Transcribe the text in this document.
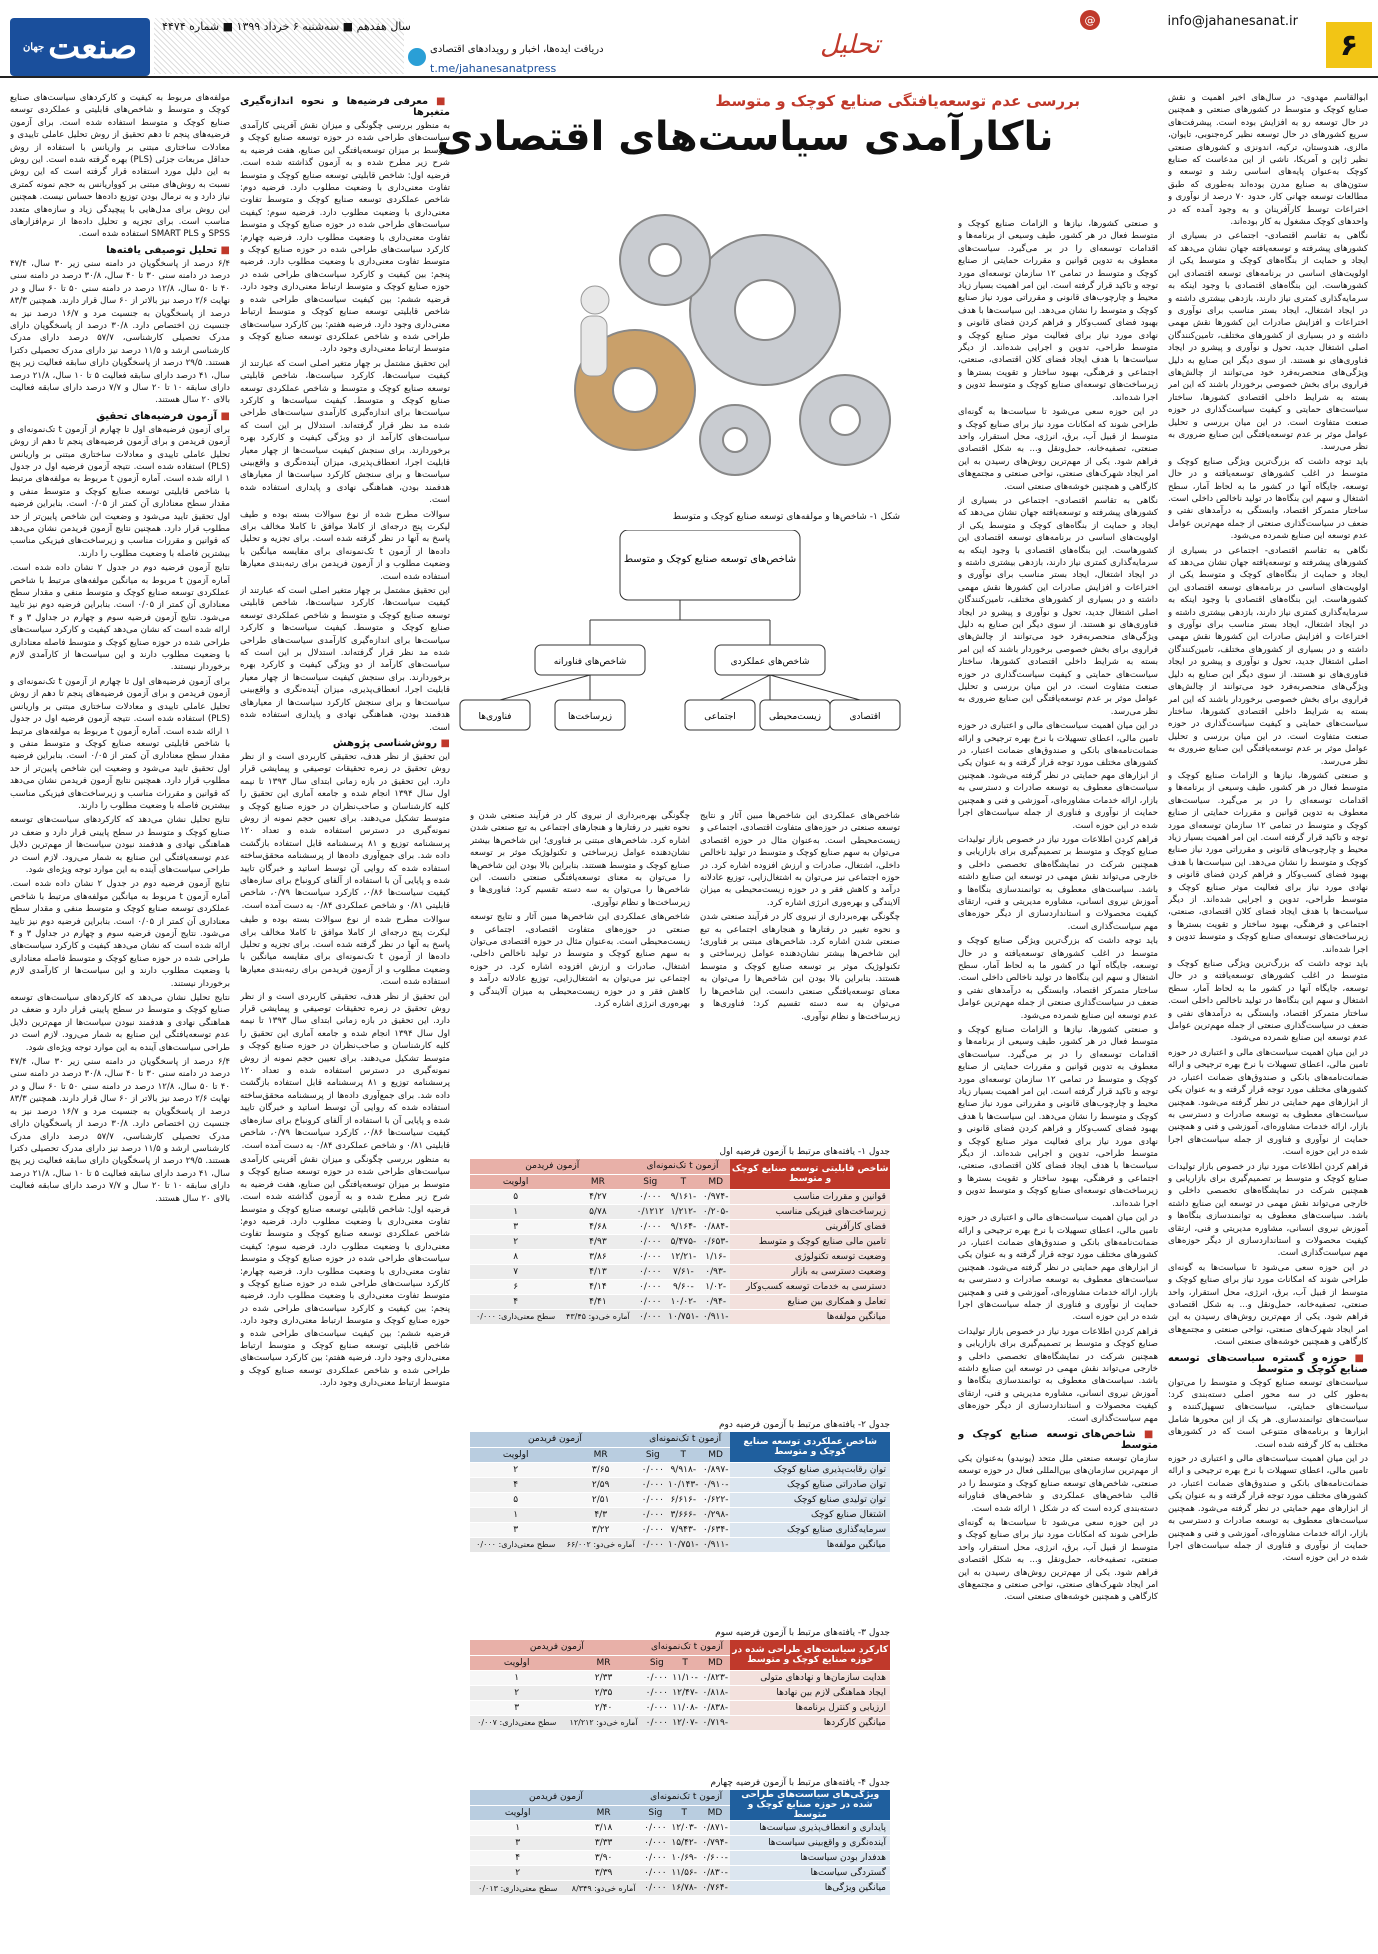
۶
@	info@jahanesanat.ir
تحلیل
دریافت ایده‌ها، اخبار و رویدادهای اقتصادی
t.me/jahanesanatpress
سال هفدهم ■ سه‌شنبه ۶ خرداد ۱۳۹۹ ■ شماره ۴۴۷۴
صنعت
جهان
بررسی عدم توسعه‌یافتگی صنایع کوچک و متوسط
ناکارآمدی سیاست‌های اقتصادی

ابوالقاسم مهدوی- در سال‌های اخیر اهمیت و نقش صنایع کوچک و متوسط در کشورهای صنعتی و همچنین در حال توسعه رو به افزایش بوده است. پیشرفت‌های سریع کشورهای در حال توسعه نظیر کره‌جنوبی، تایوان، مالزی، هندوستان، ترکیه، اندونزی و کشورهای صنعتی نظیر ژاپن و آمریکا، ناشی از این مدعاست که صنایع کوچک به‌عنوان پایه‌های اساسی رشد و توسعه و ستون‌های به صنایع مدرن بوده‌اند به‌طوری که طبق مطالعات توسعه جهانی کار، حدود ۷۰ درصد از نوآوری و اختراعات توسط کارآفرینان و به وجود آمده که در واحدهای کوچک مشغول به کار بوده‌اند.

نگاهی به تقاسم اقتصادی- اجتماعی در بسیاری از کشورهای پیشرفته و توسعه‌یافته جهان نشان می‌دهد که ایجاد و حمایت از بنگاه‌های کوچک و متوسط یکی از اولویت‌های اساسی در برنامه‌های توسعه اقتصادی این کشورهاست. این بنگاه‌های اقتصادی با وجود اینکه به سرمایه‌گذاری کمتری نیاز دارند، بازدهی بیشتری داشته و در ایجاد اشتغال، ایجاد بستر مناسب برای نوآوری و اختراعات و افزایش صادرات این کشورها نقش مهمی داشته و در بسیاری از کشورهای مختلف، تامین‌کنندگان اصلی اشتغال جدید، تحول و نوآوری و پیشرو در ایجاد فناوری‌های نو هستند. از سوی دیگر این صنایع به دلیل ویژگی‌های منحصربه‌فرد خود می‌توانند از چالش‌های فراروی برای بخش خصوصی برخوردار باشند که این امر بسته به شرایط داخلی اقتصادی کشورها، ساختار سیاست‌های حمایتی و کیفیت سیاست‌گذاری در حوزه صنعت متفاوت است. در این میان بررسی و تحلیل عوامل موثر بر عدم توسعه‌یافتگی این صنایع ضروری به نظر می‌رسد.

باید توجه داشت که بزرگ‌ترین ویژگی صنایع کوچک و متوسط در اغلب کشورهای توسعه‌یافته و در حال توسعه، جایگاه آنها در کشور ما به لحاظ آمار، سطح اشتغال و سهم این بنگاه‌ها در تولید ناخالص داخلی است. ساختار متمرکز اقتصاد، وابستگی به درآمدهای نفتی و ضعف در سیاست‌گذاری صنعتی از جمله مهم‌ترین عوامل عدم توسعه این صنایع شمرده می‌شود.

نگاهی به تقاسم اقتصادی- اجتماعی در بسیاری از کشورهای پیشرفته و توسعه‌یافته جهان نشان می‌دهد که ایجاد و حمایت از بنگاه‌های کوچک و متوسط یکی از اولویت‌های اساسی در برنامه‌های توسعه اقتصادی این کشورهاست. این بنگاه‌های اقتصادی با وجود اینکه به سرمایه‌گذاری کمتری نیاز دارند، بازدهی بیشتری داشته و در ایجاد اشتغال، ایجاد بستر مناسب برای نوآوری و اختراعات و افزایش صادرات این کشورها نقش مهمی داشته و در بسیاری از کشورهای مختلف، تامین‌کنندگان اصلی اشتغال جدید، تحول و نوآوری و پیشرو در ایجاد فناوری‌های نو هستند. از سوی دیگر این صنایع به دلیل ویژگی‌های منحصربه‌فرد خود می‌توانند از چالش‌های فراروی برای بخش خصوصی برخوردار باشند که این امر بسته به شرایط داخلی اقتصادی کشورها، ساختار سیاست‌های حمایتی و کیفیت سیاست‌گذاری در حوزه صنعت متفاوت است. در این میان بررسی و تحلیل عوامل موثر بر عدم توسعه‌یافتگی این صنایع ضروری به نظر می‌رسد.

و صنعتی کشورها، نیازها و الزامات صنایع کوچک و متوسط فعال در هر کشور، طیف وسیعی از برنامه‌ها و اقدامات توسعه‌ای را در بر می‌گیرد. سیاست‌های معطوف به تدوین قوانین و مقررات حمایتی از صنایع کوچک و متوسط در تمامی ۱۲ سازمان توسعه‌ای مورد توجه و تاکید قرار گرفته است. این امر اهمیت بسیار زیاد محیط و چارچوب‌های قانونی و مقرراتی مورد نیاز صنایع کوچک و متوسط را نشان می‌دهد. این سیاست‌ها با هدف بهبود فضای کسب‌وکار و فراهم کردن فضای قانونی و نهادی مورد نیاز برای فعالیت موثر صنایع کوچک و متوسط طراحی، تدوین و اجرایی شده‌اند. از دیگر سیاست‌ها با هدف ایجاد فضای کلان اقتصادی، صنعتی، اجتماعی و فرهنگی، بهبود ساختار و تقویت بسترها و زیرساخت‌های توسعه‌ای صنایع کوچک و متوسط تدوین و اجرا شده‌اند.

باید توجه داشت که بزرگ‌ترین ویژگی صنایع کوچک و متوسط در اغلب کشورهای توسعه‌یافته و در حال توسعه، جایگاه آنها در کشور ما به لحاظ آمار، سطح اشتغال و سهم این بنگاه‌ها در تولید ناخالص داخلی است. ساختار متمرکز اقتصاد، وابستگی به درآمدهای نفتی و ضعف در سیاست‌گذاری صنعتی از جمله مهم‌ترین عوامل عدم توسعه این صنایع شمرده می‌شود.

در این میان اهمیت سیاست‌های مالی و اعتباری در حوزه تامین مالی، اعطای تسهیلات با نرخ بهره ترجیحی و ارائه ضمانت‌نامه‌های بانکی و صندوق‌های ضمانت اعتبار، در کشورهای مختلف مورد توجه قرار گرفته و به عنوان یکی از ابزارهای مهم حمایتی در نظر گرفته می‌شود. همچنین سیاست‌های معطوف به توسعه صادرات و دسترسی به بازار، ارائه خدمات مشاوره‌ای، آموزشی و فنی و همچنین حمایت از نوآوری و فناوری از جمله سیاست‌های اجرا شده در این حوزه است.

فراهم کردن اطلاعات مورد نیاز در خصوص بازار تولیدات صنایع کوچک و متوسط بر تصمیم‌گیری برای بازاریابی و همچنین شرکت در نمایشگاه‌های تخصصی داخلی و خارجی می‌تواند نقش مهمی در توسعه این صنایع داشته باشد. سیاست‌های معطوف به توانمندسازی بنگاه‌ها و آموزش نیروی انسانی، مشاوره مدیریتی و فنی، ارتقای کیفیت محصولات و استانداردسازی از دیگر حوزه‌های مهم سیاست‌گذاری است.

در این حوزه سعی می‌شود تا سیاست‌ها به گونه‌ای طراحی شوند که امکانات مورد نیاز برای صنایع کوچک و متوسط از قبیل آب، برق، انرژی، محل استقرار، واحد صنعتی، تصفیه‌خانه، حمل‌ونقل و... به شکل اقتصادی فراهم شود. یکی از مهم‌ترین روش‌های رسیدن به این امر ایجاد شهرک‌های صنعتی، نواحی صنعتی و مجتمع‌های کارگاهی و همچنین خوشه‌های صنعتی است.

■ حوزه و گستره سیاست‌های توسعه صنایع کوچک و متوسط

سیاست‌های توسعه صنایع کوچک و متوسط را می‌توان به‌طور کلی در سه محور اصلی دسته‌بندی کرد: سیاست‌های حمایتی، سیاست‌های تسهیل‌کننده و سیاست‌های توانمندسازی. هر یک از این محورها شامل ابزارها و برنامه‌های متنوعی است که در کشورهای مختلف به کار گرفته شده است.

در این میان اهمیت سیاست‌های مالی و اعتباری در حوزه تامین مالی، اعطای تسهیلات با نرخ بهره ترجیحی و ارائه ضمانت‌نامه‌های بانکی و صندوق‌های ضمانت اعتبار، در کشورهای مختلف مورد توجه قرار گرفته و به عنوان یکی از ابزارهای مهم حمایتی در نظر گرفته می‌شود. همچنین سیاست‌های معطوف به توسعه صادرات و دسترسی به بازار، ارائه خدمات مشاوره‌ای، آموزشی و فنی و همچنین حمایت از نوآوری و فناوری از جمله سیاست‌های اجرا شده در این حوزه است.

و صنعتی کشورها، نیازها و الزامات صنایع کوچک و متوسط فعال در هر کشور، طیف وسیعی از برنامه‌ها و اقدامات توسعه‌ای را در بر می‌گیرد. سیاست‌های معطوف به تدوین قوانین و مقررات حمایتی از صنایع کوچک و متوسط در تمامی ۱۲ سازمان توسعه‌ای مورد توجه و تاکید قرار گرفته است. این امر اهمیت بسیار زیاد محیط و چارچوب‌های قانونی و مقرراتی مورد نیاز صنایع کوچک و متوسط را نشان می‌دهد. این سیاست‌ها با هدف بهبود فضای کسب‌وکار و فراهم کردن فضای قانونی و نهادی مورد نیاز برای فعالیت موثر صنایع کوچک و متوسط طراحی، تدوین و اجرایی شده‌اند. از دیگر سیاست‌ها با هدف ایجاد فضای کلان اقتصادی، صنعتی، اجتماعی و فرهنگی، بهبود ساختار و تقویت بسترها و زیرساخت‌های توسعه‌ای صنایع کوچک و متوسط تدوین و اجرا شده‌اند.

در این حوزه سعی می‌شود تا سیاست‌ها به گونه‌ای طراحی شوند که امکانات مورد نیاز برای صنایع کوچک و متوسط از قبیل آب، برق، انرژی، محل استقرار، واحد صنعتی، تصفیه‌خانه، حمل‌ونقل و... به شکل اقتصادی فراهم شود. یکی از مهم‌ترین روش‌های رسیدن به این امر ایجاد شهرک‌های صنعتی، نواحی صنعتی و مجتمع‌های کارگاهی و همچنین خوشه‌های صنعتی است.

نگاهی به تقاسم اقتصادی- اجتماعی در بسیاری از کشورهای پیشرفته و توسعه‌یافته جهان نشان می‌دهد که ایجاد و حمایت از بنگاه‌های کوچک و متوسط یکی از اولویت‌های اساسی در برنامه‌های توسعه اقتصادی این کشورهاست. این بنگاه‌های اقتصادی با وجود اینکه به سرمایه‌گذاری کمتری نیاز دارند، بازدهی بیشتری داشته و در ایجاد اشتغال، ایجاد بستر مناسب برای نوآوری و اختراعات و افزایش صادرات این کشورها نقش مهمی داشته و در بسیاری از کشورهای مختلف، تامین‌کنندگان اصلی اشتغال جدید، تحول و نوآوری و پیشرو در ایجاد فناوری‌های نو هستند. از سوی دیگر این صنایع به دلیل ویژگی‌های منحصربه‌فرد خود می‌توانند از چالش‌های فراروی برای بخش خصوصی برخوردار باشند که این امر بسته به شرایط داخلی اقتصادی کشورها، ساختار سیاست‌های حمایتی و کیفیت سیاست‌گذاری در حوزه صنعت متفاوت است. در این میان بررسی و تحلیل عوامل موثر بر عدم توسعه‌یافتگی این صنایع ضروری به نظر می‌رسد.

در این میان اهمیت سیاست‌های مالی و اعتباری در حوزه تامین مالی، اعطای تسهیلات با نرخ بهره ترجیحی و ارائه ضمانت‌نامه‌های بانکی و صندوق‌های ضمانت اعتبار، در کشورهای مختلف مورد توجه قرار گرفته و به عنوان یکی از ابزارهای مهم حمایتی در نظر گرفته می‌شود. همچنین سیاست‌های معطوف به توسعه صادرات و دسترسی به بازار، ارائه خدمات مشاوره‌ای، آموزشی و فنی و همچنین حمایت از نوآوری و فناوری از جمله سیاست‌های اجرا شده در این حوزه است.

فراهم کردن اطلاعات مورد نیاز در خصوص بازار تولیدات صنایع کوچک و متوسط بر تصمیم‌گیری برای بازاریابی و همچنین شرکت در نمایشگاه‌های تخصصی داخلی و خارجی می‌تواند نقش مهمی در توسعه این صنایع داشته باشد. سیاست‌های معطوف به توانمندسازی بنگاه‌ها و آموزش نیروی انسانی، مشاوره مدیریتی و فنی، ارتقای کیفیت محصولات و استانداردسازی از دیگر حوزه‌های مهم سیاست‌گذاری است.

باید توجه داشت که بزرگ‌ترین ویژگی صنایع کوچک و متوسط در اغلب کشورهای توسعه‌یافته و در حال توسعه، جایگاه آنها در کشور ما به لحاظ آمار، سطح اشتغال و سهم این بنگاه‌ها در تولید ناخالص داخلی است. ساختار متمرکز اقتصاد، وابستگی به درآمدهای نفتی و ضعف در سیاست‌گذاری صنعتی از جمله مهم‌ترین عوامل عدم توسعه این صنایع شمرده می‌شود.

و صنعتی کشورها، نیازها و الزامات صنایع کوچک و متوسط فعال در هر کشور، طیف وسیعی از برنامه‌ها و اقدامات توسعه‌ای را در بر می‌گیرد. سیاست‌های معطوف به تدوین قوانین و مقررات حمایتی از صنایع کوچک و متوسط در تمامی ۱۲ سازمان توسعه‌ای مورد توجه و تاکید قرار گرفته است. این امر اهمیت بسیار زیاد محیط و چارچوب‌های قانونی و مقرراتی مورد نیاز صنایع کوچک و متوسط را نشان می‌دهد. این سیاست‌ها با هدف بهبود فضای کسب‌وکار و فراهم کردن فضای قانونی و نهادی مورد نیاز برای فعالیت موثر صنایع کوچک و متوسط طراحی، تدوین و اجرایی شده‌اند. از دیگر سیاست‌ها با هدف ایجاد فضای کلان اقتصادی، صنعتی، اجتماعی و فرهنگی، بهبود ساختار و تقویت بسترها و زیرساخت‌های توسعه‌ای صنایع کوچک و متوسط تدوین و اجرا شده‌اند.

در این میان اهمیت سیاست‌های مالی و اعتباری در حوزه تامین مالی، اعطای تسهیلات با نرخ بهره ترجیحی و ارائه ضمانت‌نامه‌های بانکی و صندوق‌های ضمانت اعتبار، در کشورهای مختلف مورد توجه قرار گرفته و به عنوان یکی از ابزارهای مهم حمایتی در نظر گرفته می‌شود. همچنین سیاست‌های معطوف به توسعه صادرات و دسترسی به بازار، ارائه خدمات مشاوره‌ای، آموزشی و فنی و همچنین حمایت از نوآوری و فناوری از جمله سیاست‌های اجرا شده در این حوزه است.

فراهم کردن اطلاعات مورد نیاز در خصوص بازار تولیدات صنایع کوچک و متوسط بر تصمیم‌گیری برای بازاریابی و همچنین شرکت در نمایشگاه‌های تخصصی داخلی و خارجی می‌تواند نقش مهمی در توسعه این صنایع داشته باشد. سیاست‌های معطوف به توانمندسازی بنگاه‌ها و آموزش نیروی انسانی، مشاوره مدیریتی و فنی، ارتقای کیفیت محصولات و استانداردسازی از دیگر حوزه‌های مهم سیاست‌گذاری است.

■ شاخص‌های توسعه صنایع کوچک و متوسط

سازمان توسعه صنعتی ملل متحد (یونیدو) به‌عنوان یکی از مهم‌ترین سازمان‌های بین‌المللی فعال در حوزه توسعه صنعتی، شاخص‌های توسعه صنایع کوچک و متوسط را در قالب شاخص‌های عملکردی و شاخص‌های فناورانه دسته‌بندی کرده است که در شکل ۱ ارائه شده است.

در این حوزه سعی می‌شود تا سیاست‌ها به گونه‌ای طراحی شوند که امکانات مورد نیاز برای صنایع کوچک و متوسط از قبیل آب، برق، انرژی، محل استقرار، واحد صنعتی، تصفیه‌خانه، حمل‌ونقل و... به شکل اقتصادی فراهم شود. یکی از مهم‌ترین روش‌های رسیدن به این امر ایجاد شهرک‌های صنعتی، نواحی صنعتی و مجتمع‌های کارگاهی و همچنین خوشه‌های صنعتی است.

شکل ۱- شاخص‌ها و مولفه‌های توسعه صنایع کوچک و متوسط
شاخص‌های توسعه صنایع کوچک و متوسط
شاخص‌های فناورانه	شاخص‌های عملکردی
فناوری‌ها	زیرساخت‌ها	اجتماعی	زیست‌محیطی	اقتصادی

شاخص‌های عملکردی این شاخص‌ها مبین آثار و نتایج توسعه صنعتی در حوزه‌های متفاوت اقتصادی، اجتماعی و زیست‌محیطی است. به‌عنوان مثال در حوزه اقتصادی می‌توان به سهم صنایع کوچک و متوسط در تولید ناخالص داخلی، اشتغال، صادرات و ارزش افزوده اشاره کرد. در حوزه اجتماعی نیز می‌توان به اشتغال‌زایی، توزیع عادلانه درآمد و کاهش فقر و در حوزه زیست‌محیطی به میزان آلایندگی و بهره‌وری انرژی اشاره کرد.

چگونگی بهره‌برداری از نیروی کار در فرآیند صنعتی شدن و نحوه تغییر در رفتارها و هنجارهای اجتماعی به تبع صنعتی شدن اشاره کرد. شاخص‌های مبتنی بر فناوری؛ این شاخص‌ها بیشتر نشان‌دهنده عوامل زیرساختی و تکنولوژیک موثر بر توسعه صنایع کوچک و متوسط هستند. بنابراین بالا بودن این شاخص‌ها را می‌توان به معنای توسعه‌یافتگی صنعتی دانست. این شاخص‌ها را می‌توان به سه دسته تقسیم کرد: فناوری‌ها و زیرساخت‌ها و نظام نوآوری.

چگونگی بهره‌برداری از نیروی کار در فرآیند صنعتی شدن و نحوه تغییر در رفتارها و هنجارهای اجتماعی به تبع صنعتی شدن اشاره کرد. شاخص‌های مبتنی بر فناوری؛ این شاخص‌ها بیشتر نشان‌دهنده عوامل زیرساختی و تکنولوژیک موثر بر توسعه صنایع کوچک و متوسط هستند. بنابراین بالا بودن این شاخص‌ها را می‌توان به معنای توسعه‌یافتگی صنعتی دانست. این شاخص‌ها را می‌توان به سه دسته تقسیم کرد: فناوری‌ها و زیرساخت‌ها و نظام نوآوری.

شاخص‌های عملکردی این شاخص‌ها مبین آثار و نتایج توسعه صنعتی در حوزه‌های متفاوت اقتصادی، اجتماعی و زیست‌محیطی است. به‌عنوان مثال در حوزه اقتصادی می‌توان به سهم صنایع کوچک و متوسط در تولید ناخالص داخلی، اشتغال، صادرات و ارزش افزوده اشاره کرد. در حوزه اجتماعی نیز می‌توان به اشتغال‌زایی، توزیع عادلانه درآمد و کاهش فقر و در حوزه زیست‌محیطی به میزان آلایندگی و بهره‌وری انرژی اشاره کرد.

جدول ۱- یافته‌های مرتبط با آزمون فرضیه اول
شاخص قابلیتی توسعه صنایع کوچک و متوسط	آزمون t تک‌نمونه‌ای			آزمون فریدمن	
	MD	T	Sig	MR	اولویت
قوانین و مقررات مناسب	-۰/۹۷۴	-۹/۱۶۱	۰/۰۰۰	۴/۲۷	۵
زیرساخت‌های فیزیکی مناسب	-۰/۲۰۵	-۱/۲۱۲	۰/۱۲۱۲	۵/۷۸	۱
فضای کارآفرینی	-۰/۸۸۴	-۹/۱۶۴	۰/۰۰۰	۴/۶۸	۳
تامین مالی صنایع کوچک و متوسط	-۰/۶۵۳	-۵/۴۷۵	۰/۰۰۰	۴/۹۳	۲
وضعیت توسعه تکنولوژی	-۱/۱۶	-۱۲/۲۱	۰/۰۰۰	۳/۸۶	۸
وضعیت دسترسی به بازار	-۰/۹۳	-۷/۶۱	۰/۰۰۰	۴/۱۳	۷
دسترسی به خدمات توسعه کسب‌وکار	-۱/۰۲	-۹/۶۰	۰/۰۰۰	۴/۱۴	۶
تعامل و همکاری بین صنایع	-۰/۹۴	-۱۰/۰۲	۰/۰۰۰	۴/۴۱	۴
میانگین مولفه‌ها	-۰/۹۱۱	-۱۰/۷۵۱	۰/۰۰۰	آماره خی‌دو: ۴۳/۴۵	سطح معنی‌داری: ۰/۰۰۰
جدول ۲- یافته‌های مرتبط با آزمون فرضیه دوم
شاخص عملکردی توسعه صنایع کوچک و متوسط	آزمون t تک‌نمونه‌ای			آزمون فریدمن	
	MD	T	Sig	MR	اولویت
توان رقابت‌پذیری صنایع کوچک	-۰/۸۹۷	-۹/۹۱۸	۰/۰۰۰	۳/۶۵	۲
توان صادراتی صنایع کوچک	-۰/۹۱۰	-۱۰/۱۴۳	۰/۰۰۰	۲/۵۹	۴
توان تولیدی صنایع کوچک	-۰/۶۲۲	-۶/۶۱۶	۰/۰۰۰	۲/۵۱	۵
اشتغال صنایع کوچک	-۰/۲۹۸	-۳/۶۶۶	۰/۰۰۰	۴/۳	۱
سرمایه‌گذاری صنایع کوچک	-۰/۶۳۴	-۷/۹۴۳	۰/۰۰۰	۳/۲۲	۳
میانگین مولفه‌ها	-۰/۹۱۱	-۱۰/۷۵۱	۰/۰۰۰	آماره خی‌دو: ۶۶/۰۰۲	سطح معنی‌داری: ۰/۰۰۰
جدول ۳- یافته‌های مرتبط با آزمون فرضیه سوم
کارکرد سیاست‌های طراحی شده در حوزه صنایع کوچک و متوسط	آزمون t تک‌نمونه‌ای			آزمون فریدمن	
	MD	T	Sig	MR	اولویت
هدایت سازمان‌ها و نهادهای متولی	-۰/۸۲۳	-۱۱/۱۰	۰/۰۰۰	۲/۳۳	۱
ایجاد هماهنگی لازم بین نهادها	-۰/۸۱۸	-۱۲/۴۷	۰/۰۰۰	۲/۳۵	۲
ارزیابی و کنترل برنامه‌ها	-۰/۸۳۸	-۱۱/۰۸	۰/۰۰۰	۲/۴۰	۳
میانگین کارکردها	-۰/۷۱۹	-۱۲/۰۷	۰/۰۰۰	آماره خی‌دو: ۱۲/۲۱۲	سطح معنی‌داری: ۰/۰۰۷
جدول ۴- یافته‌های مرتبط با آزمون فرضیه چهارم
ویژگی‌های سیاست‌های طراحی شده در حوزه صنایع کوچک و متوسط	آزمون t تک‌نمونه‌ای			آزمون فریدمن	
	MD	T	Sig	MR	اولویت
پایداری و انعطاف‌پذیری سیاست‌ها	-۰/۸۷۱	-۱۲/۰۳	۰/۰۰۰	۳/۱۸	۱
آینده‌نگری و واقع‌بینی سیاست‌ها	-۰/۷۹۴	-۱۵/۴۲	۰/۰۰۰	۳/۳۳	۳
هدفدار بودن سیاست‌ها	-۰/۶۰۰	-۱۰/۶۹	۰/۰۰۰	۳/۹۰	۴
گستردگی سیاست‌ها	-۰/۸۳۰	-۱۱/۵۶	۰/۰۰۰	۳/۳۹	۲
میانگین ویژگی‌ها	-۰/۷۶۴	-۱۶/۷۸	۰/۰۰۰	آماره خی‌دو: ۸/۳۴۹	سطح معنی‌داری: ۰/۰۱۳
■ معرفی فرضیه‌ها و نحوه اندازه‌گیری متغیرها

به منظور بررسی چگونگی و میزان نقش آفرینی کارآمدی سیاست‌های طراحی شده در حوزه توسعه صنایع کوچک و متوسط بر میزان توسعه‌یافتگی این صنایع، هفت فرضیه به شرح زیر مطرح شده و به آزمون گذاشته شده است. فرضیه اول: شاخص قابلیتی توسعه صنایع کوچک و متوسط تفاوت معنی‌داری با وضعیت مطلوب دارد. فرضیه دوم: شاخص عملکردی توسعه صنایع کوچک و متوسط تفاوت معنی‌داری با وضعیت مطلوب دارد. فرضیه سوم: کیفیت سیاست‌های طراحی شده در حوزه صنایع کوچک و متوسط تفاوت معنی‌داری با وضعیت مطلوب دارد. فرضیه چهارم: کارکرد سیاست‌های طراحی شده در حوزه صنایع کوچک و متوسط تفاوت معنی‌داری با وضعیت مطلوب دارد. فرضیه پنجم: بین کیفیت و کارکرد سیاست‌های طراحی شده در حوزه صنایع کوچک و متوسط ارتباط معنی‌داری وجود دارد. فرضیه ششم: بین کیفیت سیاست‌های طراحی شده و شاخص قابلیتی توسعه صنایع کوچک و متوسط ارتباط معنی‌داری وجود دارد. فرضیه هفتم: بین کارکرد سیاست‌های طراحی شده و شاخص عملکردی توسعه صنایع کوچک و متوسط ارتباط معنی‌داری وجود دارد.

این تحقیق مشتمل بر چهار متغیر اصلی است که عبارتند از کیفیت سیاست‌ها، کارکرد سیاست‌ها، شاخص قابلیتی توسعه صنایع کوچک و متوسط و شاخص عملکردی توسعه صنایع کوچک و متوسط. کیفیت سیاست‌ها و کارکرد سیاست‌ها برای اندازه‌گیری کارآمدی سیاست‌های طراحی شده مد نظر قرار گرفته‌اند. استدلال بر این است که سیاست‌های کارآمد از دو ویژگی کیفیت و کارکرد بهره برخوردارند. برای سنجش کیفیت سیاست‌ها از چهار معیار قابلیت اجرا، انعطاف‌پذیری، میزان آینده‌نگری و واقع‌بینی سیاست‌ها و برای سنجش کارکرد سیاست‌ها از معیارهای هدفمند بودن، هماهنگی نهادی و پایداری استفاده شده است.

سوالات مطرح شده از نوع سوالات بسته بوده و طیف لیکرت پنج درجه‌ای از کاملا موافق تا کاملا مخالف برای پاسخ به آنها در نظر گرفته شده است. برای تجزیه و تحلیل داده‌ها از آزمون t تک‌نمونه‌ای برای مقایسه میانگین با وضعیت مطلوب و از آزمون فریدمن برای رتبه‌بندی معیارها استفاده شده است.

این تحقیق مشتمل بر چهار متغیر اصلی است که عبارتند از کیفیت سیاست‌ها، کارکرد سیاست‌ها، شاخص قابلیتی توسعه صنایع کوچک و متوسط و شاخص عملکردی توسعه صنایع کوچک و متوسط. کیفیت سیاست‌ها و کارکرد سیاست‌ها برای اندازه‌گیری کارآمدی سیاست‌های طراحی شده مد نظر قرار گرفته‌اند. استدلال بر این است که سیاست‌های کارآمد از دو ویژگی کیفیت و کارکرد بهره برخوردارند. برای سنجش کیفیت سیاست‌ها از چهار معیار قابلیت اجرا، انعطاف‌پذیری، میزان آینده‌نگری و واقع‌بینی سیاست‌ها و برای سنجش کارکرد سیاست‌ها از معیارهای هدفمند بودن، هماهنگی نهادی و پایداری استفاده شده است.

■ روش‌شناسی پژوهش

این تحقیق از نظر هدف، تحقیقی کاربردی است و از نظر روش تحقیق در زمره تحقیقات توصیفی و پیمایشی قرار دارد. این تحقیق در بازه زمانی ابتدای سال ۱۳۹۳ تا نیمه اول سال ۱۳۹۴ انجام شده و جامعه آماری این تحقیق را کلیه کارشناسان و صاحب‌نظران در حوزه صنایع کوچک و متوسط تشکیل می‌دهند. برای تعیین حجم نمونه از روش نمونه‌گیری در دسترس استفاده شده و تعداد ۱۲۰ پرسشنامه توزیع و ۸۱ پرسشنامه قابل استفاده بازگشت داده شد. برای جمع‌آوری داده‌ها از پرسشنامه محقق‌ساخته استفاده شده که روایی آن توسط اساتید و خبرگان تایید شده و پایایی آن با استفاده از آلفای کرونباخ برای سازه‌های کیفیت سیاست‌ها ۰/۸۶، کارکرد سیاست‌ها ۰/۷۹، شاخص قابلیتی ۰/۸۱ و شاخص عملکردی ۰/۸۴ به دست آمده است.

سوالات مطرح شده از نوع سوالات بسته بوده و طیف لیکرت پنج درجه‌ای از کاملا موافق تا کاملا مخالف برای پاسخ به آنها در نظر گرفته شده است. برای تجزیه و تحلیل داده‌ها از آزمون t تک‌نمونه‌ای برای مقایسه میانگین با وضعیت مطلوب و از آزمون فریدمن برای رتبه‌بندی معیارها استفاده شده است.

این تحقیق از نظر هدف، تحقیقی کاربردی است و از نظر روش تحقیق در زمره تحقیقات توصیفی و پیمایشی قرار دارد. این تحقیق در بازه زمانی ابتدای سال ۱۳۹۳ تا نیمه اول سال ۱۳۹۴ انجام شده و جامعه آماری این تحقیق را کلیه کارشناسان و صاحب‌نظران در حوزه صنایع کوچک و متوسط تشکیل می‌دهند. برای تعیین حجم نمونه از روش نمونه‌گیری در دسترس استفاده شده و تعداد ۱۲۰ پرسشنامه توزیع و ۸۱ پرسشنامه قابل استفاده بازگشت داده شد. برای جمع‌آوری داده‌ها از پرسشنامه محقق‌ساخته استفاده شده که روایی آن توسط اساتید و خبرگان تایید شده و پایایی آن با استفاده از آلفای کرونباخ برای سازه‌های کیفیت سیاست‌ها ۰/۸۶، کارکرد سیاست‌ها ۰/۷۹، شاخص قابلیتی ۰/۸۱ و شاخص عملکردی ۰/۸۴ به دست آمده است.

به منظور بررسی چگونگی و میزان نقش آفرینی کارآمدی سیاست‌های طراحی شده در حوزه توسعه صنایع کوچک و متوسط بر میزان توسعه‌یافتگی این صنایع، هفت فرضیه به شرح زیر مطرح شده و به آزمون گذاشته شده است. فرضیه اول: شاخص قابلیتی توسعه صنایع کوچک و متوسط تفاوت معنی‌داری با وضعیت مطلوب دارد. فرضیه دوم: شاخص عملکردی توسعه صنایع کوچک و متوسط تفاوت معنی‌داری با وضعیت مطلوب دارد. فرضیه سوم: کیفیت سیاست‌های طراحی شده در حوزه صنایع کوچک و متوسط تفاوت معنی‌داری با وضعیت مطلوب دارد. فرضیه چهارم: کارکرد سیاست‌های طراحی شده در حوزه صنایع کوچک و متوسط تفاوت معنی‌داری با وضعیت مطلوب دارد. فرضیه پنجم: بین کیفیت و کارکرد سیاست‌های طراحی شده در حوزه صنایع کوچک و متوسط ارتباط معنی‌داری وجود دارد. فرضیه ششم: بین کیفیت سیاست‌های طراحی شده و شاخص قابلیتی توسعه صنایع کوچک و متوسط ارتباط معنی‌داری وجود دارد. فرضیه هفتم: بین کارکرد سیاست‌های طراحی شده و شاخص عملکردی توسعه صنایع کوچک و متوسط ارتباط معنی‌داری وجود دارد.

مولفه‌های مربوط به کیفیت و کارکردهای سیاست‌های صنایع کوچک و متوسط و شاخص‌های قابلیتی و عملکردی توسعه صنایع کوچک و متوسط استفاده شده است. برای آزمون فرضیه‌های پنجم تا دهم تحقیق از روش تحلیل عاملی تاییدی و معادلات ساختاری مبتنی بر واریانس با استفاده از روش حداقل مربعات جزئی (PLS) بهره گرفته شده است. این روش به این دلیل مورد استفاده قرار گرفته است که این روش نسبت به روش‌های مبتنی بر کوواریانس به حجم نمونه کمتری نیاز دارد و به نرمال بودن توزیع داده‌ها حساس نیست. همچنین این روش برای مدل‌هایی با پیچیدگی زیاد و سازه‌های متعدد مناسب است. برای تجزیه و تحلیل داده‌ها از نرم‌افزارهای SPSS و SMART PLS استفاده شده است.

■ تحلیل توصیفی یافته‌ها

۶/۴ درصد از پاسخگویان در دامنه سنی زیر ۳۰ سال، ۴۷/۴ درصد در دامنه سنی ۳۰ تا ۴۰ سال، ۳۰/۸ درصد در دامنه سنی ۴۰ تا ۵۰ سال، ۱۲/۸ درصد در دامنه سنی ۵۰ تا ۶۰ سال و در نهایت ۲/۶ درصد نیز بالاتر از ۶۰ سال قرار دارند. همچنین ۸۳/۳ درصد از پاسخگویان به جنسیت مرد و ۱۶/۷ درصد نیز به جنسیت زن اختصاص دارد. ۳۰/۸ درصد از پاسخگویان دارای مدرک تحصیلی کارشناسی، ۵۷/۷ درصد دارای مدرک کارشناسی ارشد و ۱۱/۵ درصد نیز دارای مدرک تحصیلی دکترا هستند. ۲۹/۵ درصد از پاسخگویان دارای سابقه فعالیت زیر پنج سال، ۴۱ درصد دارای سابقه فعالیت ۵ تا ۱۰ سال، ۲۱/۸ درصد دارای سابقه ۱۰ تا ۲۰ سال و ۷/۷ درصد دارای سابقه فعالیت بالای ۲۰ سال هستند.

■ آزمون فرضیه‌های تحقیق

برای آزمون فرضیه‌های اول تا چهارم از آزمون t تک‌نمونه‌ای و آزمون فریدمن و برای آزمون فرضیه‌های پنجم تا دهم از روش تحلیل عاملی تاییدی و معادلات ساختاری مبتنی بر واریانس (PLS) استفاده شده است. نتیجه آزمون فرضیه اول در جدول ۱ ارائه شده است. آماره آزمون t مربوط به مولفه‌های مرتبط با شاخص قابلیتی توسعه صنایع کوچک و متوسط منفی و مقدار سطح معناداری آن کمتر از ۰/۰۵ است. بنابراین فرضیه اول تحقیق تایید می‌شود و وضعیت این شاخص پایین‌تر از حد مطلوب قرار دارد. همچنین نتایج آزمون فریدمن نشان می‌دهد که قوانین و مقررات مناسب و زیرساخت‌های فیزیکی مناسب بیشترین فاصله با وضعیت مطلوب را دارند.

نتایج آزمون فرضیه دوم در جدول ۲ نشان داده شده است. آماره آزمون t مربوط به میانگین مولفه‌های مرتبط با شاخص عملکردی توسعه صنایع کوچک و متوسط منفی و مقدار سطح معناداری آن کمتر از ۰/۰۵ است. بنابراین فرضیه دوم نیز تایید می‌شود. نتایج آزمون فرضیه سوم و چهارم در جداول ۳ و ۴ ارائه شده است که نشان می‌دهد کیفیت و کارکرد سیاست‌های طراحی شده در حوزه صنایع کوچک و متوسط فاصله معناداری با وضعیت مطلوب دارند و این سیاست‌ها از کارآمدی لازم برخوردار نیستند.

برای آزمون فرضیه‌های اول تا چهارم از آزمون t تک‌نمونه‌ای و آزمون فریدمن و برای آزمون فرضیه‌های پنجم تا دهم از روش تحلیل عاملی تاییدی و معادلات ساختاری مبتنی بر واریانس (PLS) استفاده شده است. نتیجه آزمون فرضیه اول در جدول ۱ ارائه شده است. آماره آزمون t مربوط به مولفه‌های مرتبط با شاخص قابلیتی توسعه صنایع کوچک و متوسط منفی و مقدار سطح معناداری آن کمتر از ۰/۰۵ است. بنابراین فرضیه اول تحقیق تایید می‌شود و وضعیت این شاخص پایین‌تر از حد مطلوب قرار دارد. همچنین نتایج آزمون فریدمن نشان می‌دهد که قوانین و مقررات مناسب و زیرساخت‌های فیزیکی مناسب بیشترین فاصله با وضعیت مطلوب را دارند.

نتایج تحلیل نشان می‌دهد که کارکردهای سیاست‌های توسعه صنایع کوچک و متوسط در سطح پایینی قرار دارد و ضعف در هماهنگی نهادی و هدفمند نبودن سیاست‌ها از مهم‌ترین دلایل عدم توسعه‌یافتگی این صنایع به شمار می‌رود. لازم است در طراحی سیاست‌های آینده به این موارد توجه ویژه‌ای شود.

نتایج آزمون فرضیه دوم در جدول ۲ نشان داده شده است. آماره آزمون t مربوط به میانگین مولفه‌های مرتبط با شاخص عملکردی توسعه صنایع کوچک و متوسط منفی و مقدار سطح معناداری آن کمتر از ۰/۰۵ است. بنابراین فرضیه دوم نیز تایید می‌شود. نتایج آزمون فرضیه سوم و چهارم در جداول ۳ و ۴ ارائه شده است که نشان می‌دهد کیفیت و کارکرد سیاست‌های طراحی شده در حوزه صنایع کوچک و متوسط فاصله معناداری با وضعیت مطلوب دارند و این سیاست‌ها از کارآمدی لازم برخوردار نیستند.

نتایج تحلیل نشان می‌دهد که کارکردهای سیاست‌های توسعه صنایع کوچک و متوسط در سطح پایینی قرار دارد و ضعف در هماهنگی نهادی و هدفمند نبودن سیاست‌ها از مهم‌ترین دلایل عدم توسعه‌یافتگی این صنایع به شمار می‌رود. لازم است در طراحی سیاست‌های آینده به این موارد توجه ویژه‌ای شود.

۶/۴ درصد از پاسخگویان در دامنه سنی زیر ۳۰ سال، ۴۷/۴ درصد در دامنه سنی ۳۰ تا ۴۰ سال، ۳۰/۸ درصد در دامنه سنی ۴۰ تا ۵۰ سال، ۱۲/۸ درصد در دامنه سنی ۵۰ تا ۶۰ سال و در نهایت ۲/۶ درصد نیز بالاتر از ۶۰ سال قرار دارند. همچنین ۸۳/۳ درصد از پاسخگویان به جنسیت مرد و ۱۶/۷ درصد نیز به جنسیت زن اختصاص دارد. ۳۰/۸ درصد از پاسخگویان دارای مدرک تحصیلی کارشناسی، ۵۷/۷ درصد دارای مدرک کارشناسی ارشد و ۱۱/۵ درصد نیز دارای مدرک تحصیلی دکترا هستند. ۲۹/۵ درصد از پاسخگویان دارای سابقه فعالیت زیر پنج سال، ۴۱ درصد دارای سابقه فعالیت ۵ تا ۱۰ سال، ۲۱/۸ درصد دارای سابقه ۱۰ تا ۲۰ سال و ۷/۷ درصد دارای سابقه فعالیت بالای ۲۰ سال هستند.
